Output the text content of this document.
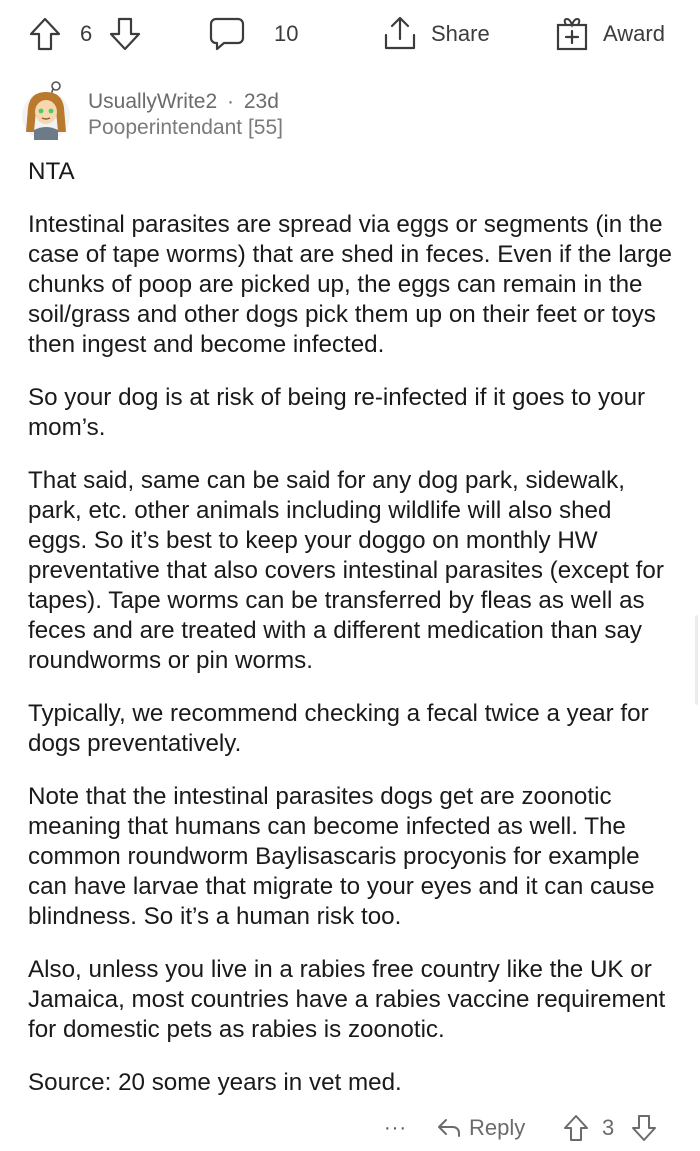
6	10	Share	Award
UsuallyWrite2 · 23d
Pooperintendant [55]

NTA

Intestinal parasites are spread via eggs or segments (in the case of tape worms) that are shed in feces. Even if the large chunks of poop are picked up, the eggs can remain in the soil/grass and other dogs pick them up on their feet or toys then ingest and become infected.

So your dog is at risk of being re-infected if it goes to your mom’s.

That said, same can be said for any dog park, sidewalk, park, etc. other animals including wildlife will also shed eggs. So it’s best to keep your doggo on monthly HW preventative that also covers intestinal parasites (except for tapes). Tape worms can be transferred by fleas as well as feces and are treated with a different medication than say roundworms or pin worms.

Typically, we recommend checking a fecal twice a year for dogs preventatively.

Note that the intestinal parasites dogs get are zoonotic meaning that humans can become infected as well. The common roundworm Baylisascaris procyonis for example can have larvae that migrate to your eyes and it can cause blindness. So it’s a human risk too.

Also, unless you live in a rabies free country like the UK or Jamaica, most countries have a rabies vaccine requirement for domestic pets as rabies is zoonotic.

Source: 20 some years in vet med.

···	Reply	3
